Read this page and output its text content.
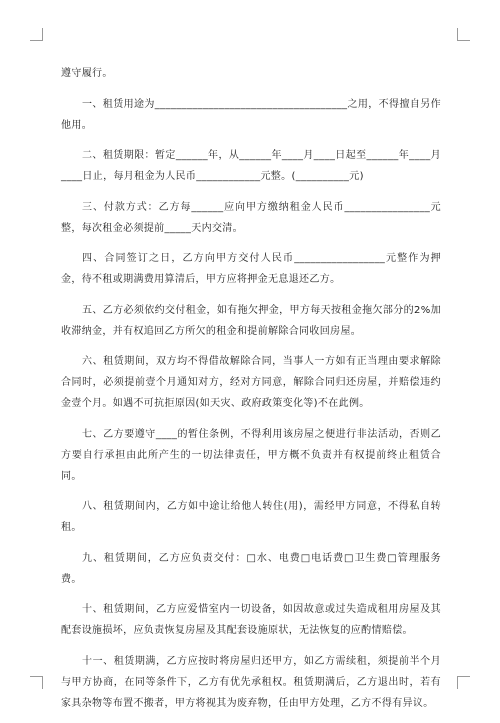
遵守履行。

一、租赁用途为____________________________________之用，不得擅自另作他用。

二、租赁期限：暂定______年，从______年____月____日起至______年____月____日止，每月租金为人民币____________元整。(__________元)

三、付款方式：乙方每______应向甲方缴纳租金人民币________________元整，每次租金必须提前_____天内交清。

四、合同签订之日，乙方向甲方交付人民币_________________元整作为押金，待不租或期满费用算清后，甲方应将押金无息退还乙方。

五、乙方必须依约交付租金，如有拖欠押金，甲方每天按租金拖欠部分的2%加收滞纳金，并有权追回乙方所欠的租金和提前解除合同收回房屋。

六、租赁期间，双方均不得借故解除合同，当事人一方如有正当理由要求解除合同时，必须提前壹个月通知对方，经对方同意，解除合同归还房屋，并赔偿违约金壹个月。如遇不可抗拒原因(如天灾、政府政策变化等)不在此例。

七、乙方要遵守____的暂住条例，不得利用该房屋之便进行非法活动，否则乙方要自行承担由此所产生的一切法律责任，甲方概不负责并有权提前终止租赁合同。

八、租赁期间内，乙方如中途让给他人转住(用)，需经甲方同意，不得私自转租。

九、租赁期间，乙方应负责交付：□水、电费□电话费□卫生费□管理服务费。

十、租赁期间，乙方应爱惜室内一切设备，如因故意或过失造成租用房屋及其配套设施损坏，应负责恢复房屋及其配套设施原状，无法恢复的应酌情赔偿。

十一、租赁期满，乙方应按时将房屋归还甲方，如乙方需续租，须提前半个月与甲方协商，在同等条件下，乙方有优先承租权。租赁期满后，乙方退出时，若有家具杂物等布置不搬者，甲方将视其为废弃物，任由甲方处理，乙方不得有异议。
